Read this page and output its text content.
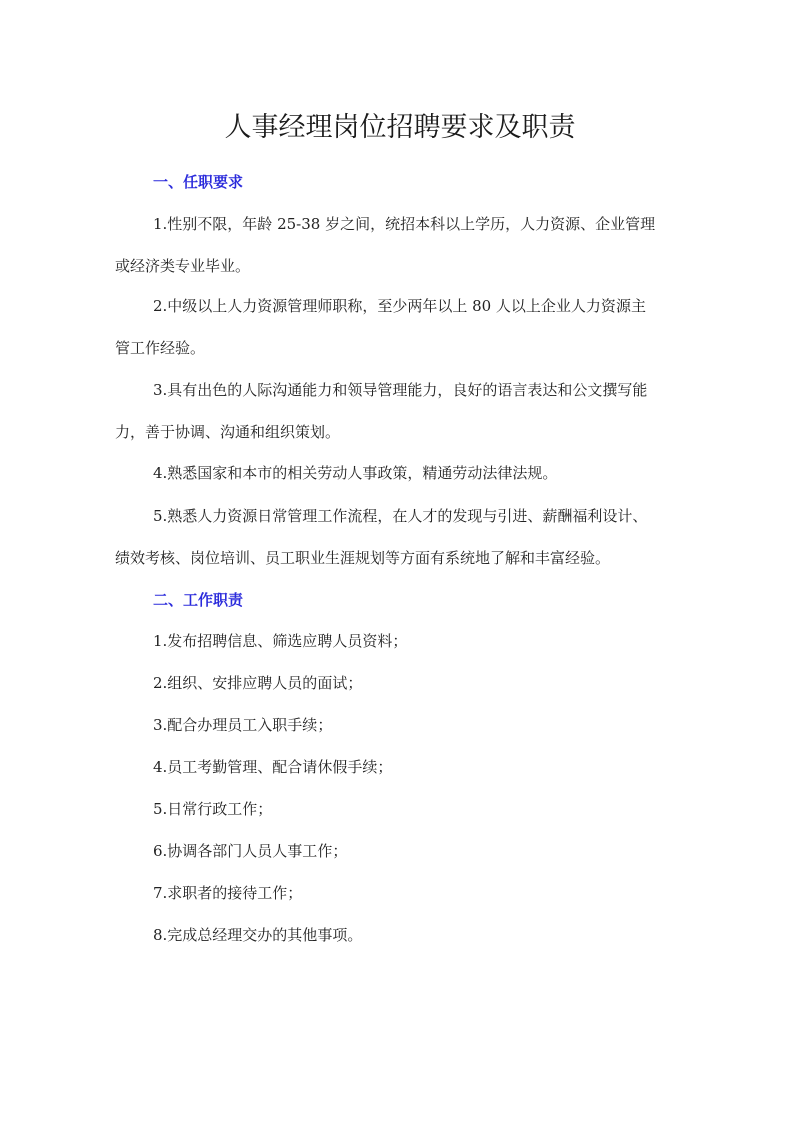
人事经理岗位招聘要求及职责
一、任职要求

1.性别不限，年龄 25-38 岁之间，统招本科以上学历，人力资源、企业管理
或经济类专业毕业。

2.中级以上人力资源管理师职称，至少两年以上 80 人以上企业人力资源主
管工作经验。

3.具有出色的人际沟通能力和领导管理能力，良好的语言表达和公文撰写能
力，善于协调、沟通和组织策划。

4.熟悉国家和本市的相关劳动人事政策，精通劳动法律法规。

5.熟悉人力资源日常管理工作流程，在人才的发现与引进、薪酬福利设计、
绩效考核、岗位培训、员工职业生涯规划等方面有系统地了解和丰富经验。

二、工作职责
1.发布招聘信息、筛选应聘人员资料；
2.组织、安排应聘人员的面试；
3.配合办理员工入职手续；
4.员工考勤管理、配合请休假手续；
5.日常行政工作；
6.协调各部门人员人事工作；
7.求职者的接待工作；
8.完成总经理交办的其他事项。
